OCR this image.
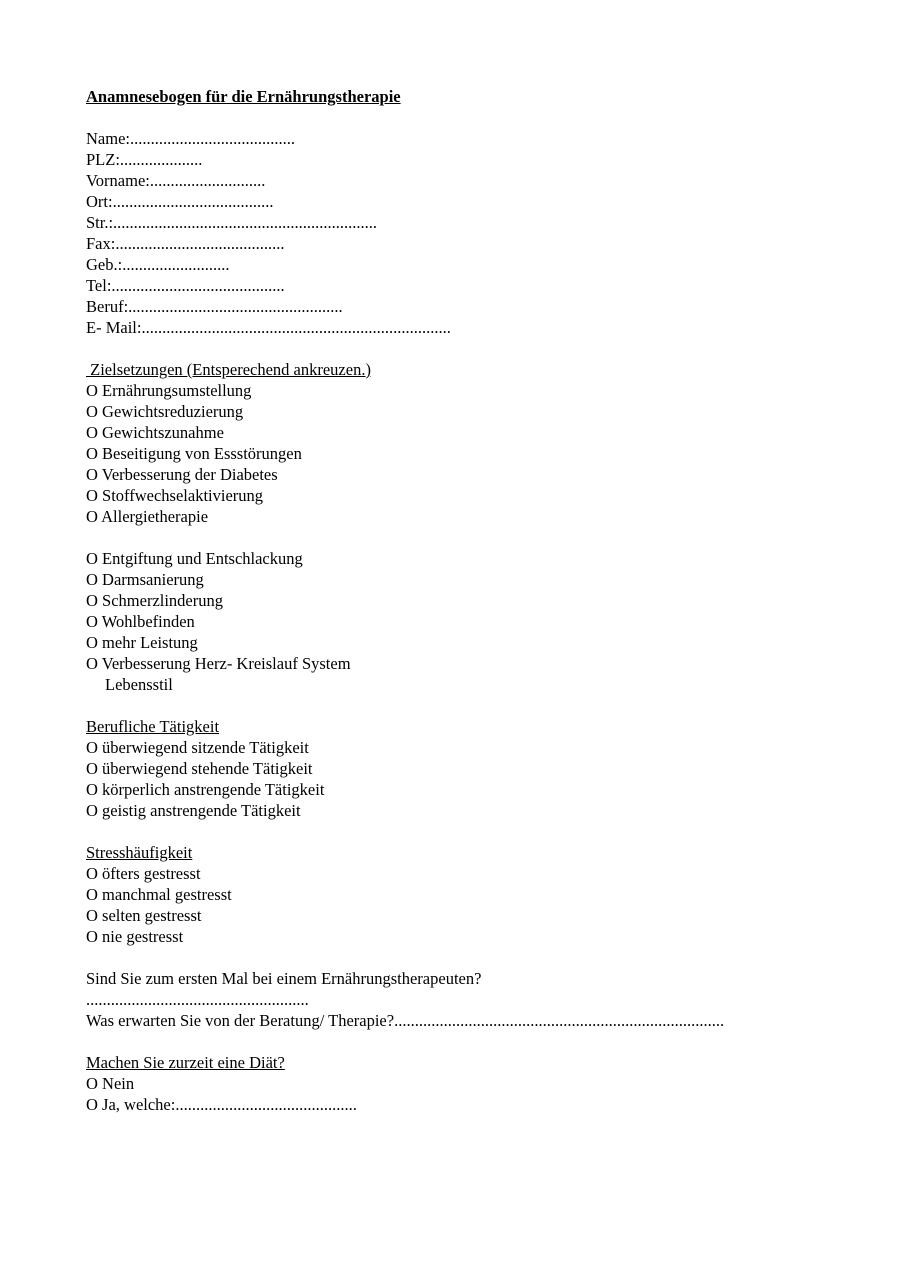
Anamnesebogen für die Ernährungstherapie
Name:........................................
PLZ:....................
Vorname:............................
Ort:.......................................
Str.:................................................................
Fax:.........................................
Geb.:..........................
Tel:..........................................
Beruf:....................................................
E- Mail:...........................................................................
Zielsetzungen (Entsperechend ankreuzen.)
O Ernährungsumstellung
O Gewichtsreduzierung
O Gewichtszunahme
O Beseitigung von Essstörungen
O Verbesserung der Diabetes
O Stoffwechselaktivierung
O Allergietherapie
O Entgiftung und Entschlackung
O Darmsanierung
O Schmerzlinderung
O Wohlbefinden
O mehr Leistung
O Verbesserung Herz- Kreislauf System
Lebensstil
Berufliche Tätigkeit
O überwiegend sitzende Tätigkeit
O überwiegend stehende Tätigkeit
O körperlich anstrengende Tätigkeit
O geistig anstrengende Tätigkeit
Stresshäufigkeit
O öfters gestresst
O manchmal gestresst
O selten gestresst
O nie gestresst
Sind Sie zum ersten Mal bei einem Ernährungstherapeuten?
......................................................
Was erwarten Sie von der Beratung/ Therapie?................................................................................
Machen Sie zurzeit eine Diät?
O Nein
O Ja, welche:............................................
